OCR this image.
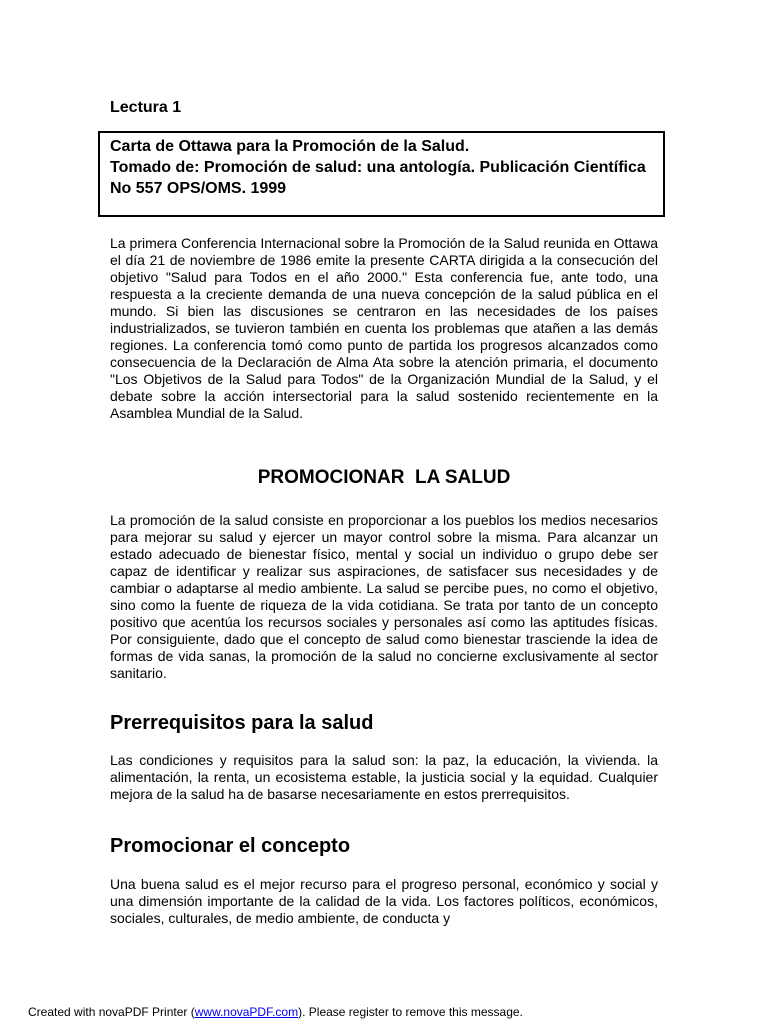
Lectura 1
Carta de Ottawa para la Promoción de la Salud.
Tomado de: Promoción de salud: una antología. Publicación Científica No 557 OPS/OMS. 1999

La primera Conferencia Internacional sobre la Promoción de la Salud reunida en Ottawa el día 21 de noviembre de 1986 emite la presente CARTA dirigida a la consecución del objetivo "Salud para Todos en el año 2000." Esta conferencia fue, ante todo, una respuesta a la creciente demanda de una nueva concepción de la salud pública en el mundo. Si bien las discusiones se centraron en las necesidades de los países industrializados, se tuvieron también en cuenta los problemas que atañen a las demás regiones. La conferencia tomó como punto de partida los progresos alcanzados como consecuencia de la Declaración de Alma Ata sobre la atención primaria, el documento "Los Objetivos de la Salud para Todos" de la Organización Mundial de la Salud, y el debate sobre la acción intersectorial para la salud sostenido recientemente en la Asamblea Mundial de la Salud.

PROMOCIONAR  LA SALUD

La promoción de la salud consiste en proporcionar a los pueblos los medios necesarios para mejorar su salud y ejercer un mayor control sobre la misma. Para alcanzar un estado adecuado de bienestar físico, mental y social un individuo o grupo debe ser capaz de identificar y realizar sus aspiraciones, de satisfacer sus necesidades y de cambiar o adaptarse al medio ambiente. La salud se percibe pues, no como el objetivo, sino como la fuente de riqueza de la vida cotidiana. Se trata por tanto de un concepto positivo que acentúa los recursos sociales y personales así como las aptitudes físicas. Por consiguiente, dado que el concepto de salud como bienestar trasciende la idea de formas de vida sanas, la promoción de la salud no concierne exclusivamente al sector sanitario.

Prerrequisitos para la salud

Las condiciones y requisitos para la salud son: la paz, la educación, la vivienda. la alimentación, la renta, un ecosistema estable, la justicia social y la equidad. Cualquier mejora de la salud ha de basarse necesariamente en estos prerrequisitos.

Promocionar el concepto

Una buena salud es el mejor recurso para el progreso personal, económico y social y una dimensión importante de la calidad de la vida. Los factores políticos, económicos, sociales, culturales, de medio ambiente, de conducta y

Created with novaPDF Printer (www.novaPDF.com). Please register to remove this message.
